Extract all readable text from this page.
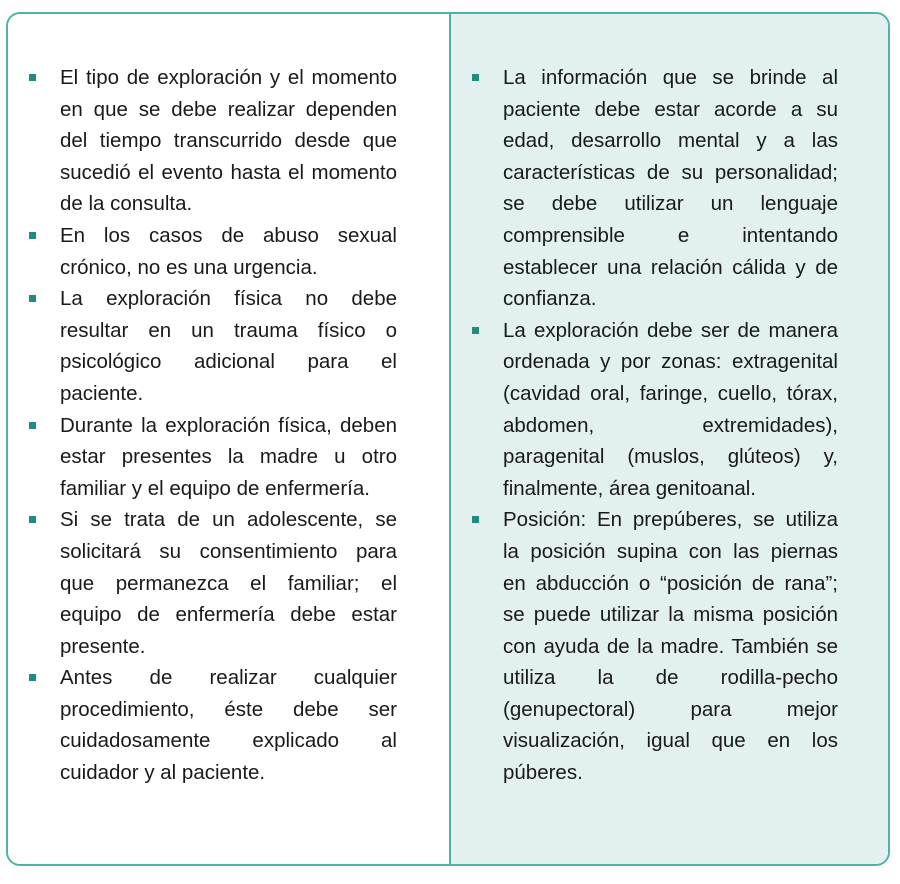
El tipo de exploración y el momento en que se debe realizar dependen del tiempo transcurrido desde que sucedió el evento hasta el momento de la consulta.
En los casos de abuso sexual crónico, no es una urgencia.
La exploración física no debe resultar en un trauma físico o psicológico adicional para el paciente.
Durante la exploración física, deben estar presentes la madre u otro familiar y el equipo de enfermería.
Si se trata de un adolescente, se solicitará su consentimiento para que permanezca el familiar; el equipo de enfermería debe estar presente.
Antes de realizar cualquier procedimiento, éste debe ser cuidadosamente explicado al cuidador y al paciente.
La información que se brinde al paciente debe estar acorde a su edad, desarrollo mental y a las características de su personalidad; se debe utilizar un lenguaje comprensible e intentando establecer una relación cálida y de confianza.
La exploración debe ser de manera ordenada y por zonas: extragenital (cavidad oral, faringe, cuello, tórax, abdomen, extremidades), paragenital (muslos, glúteos) y, finalmente, área genitoanal.
Posición: En prepúberes, se utiliza la posición supina con las piernas en abducción o “posición de rana”; se puede utilizar la misma posición con ayuda de la madre. También se utiliza la de rodilla-pecho (genupectoral) para mejor visualización, igual que en los púberes.
